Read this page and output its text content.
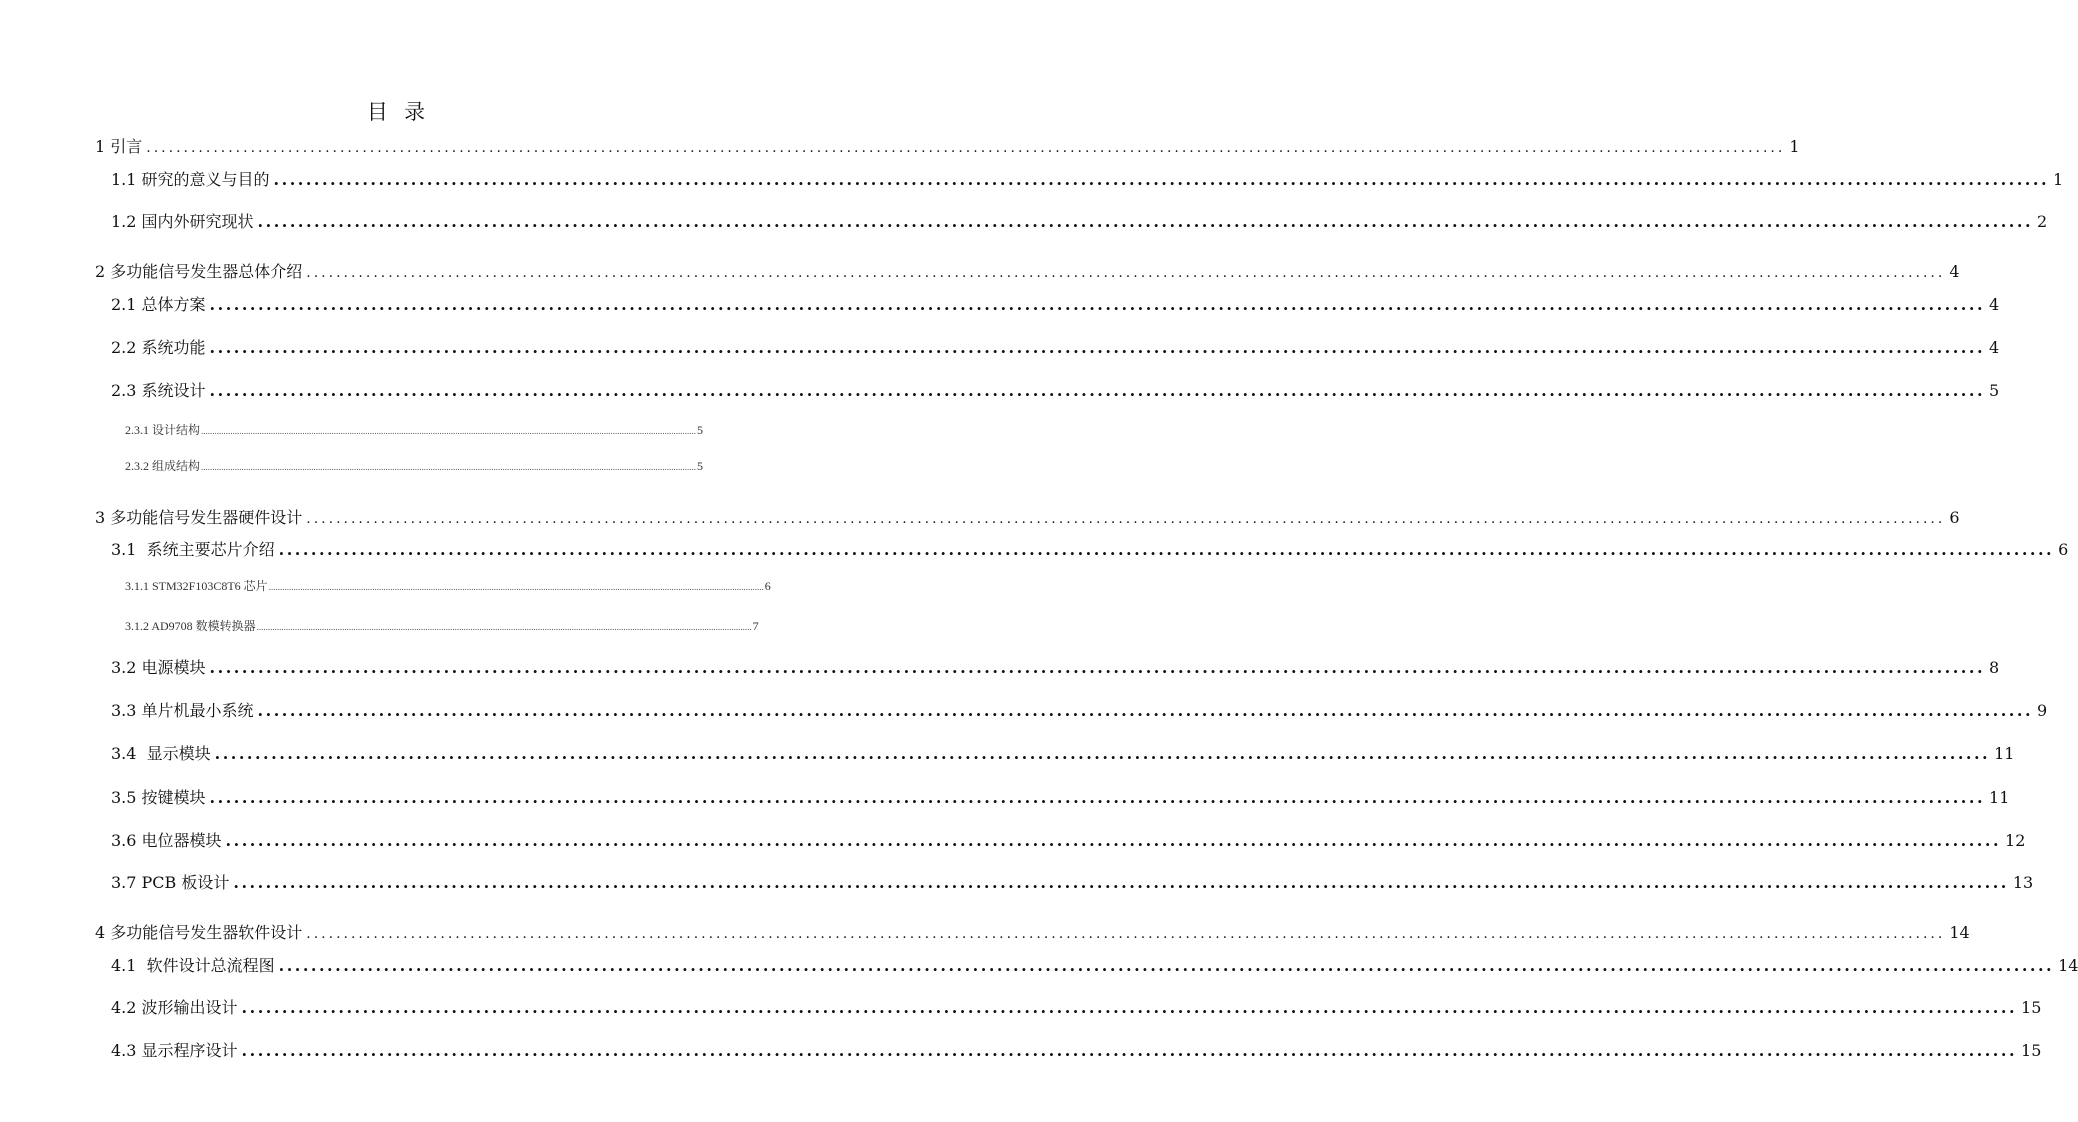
目  录
1 引言 ............................................................................................................................................................................................................................ 1
1.1 研究的意义与目的 ............................................................................................................................................................................................................................ 1
1.2 国内外研究现状 ............................................................................................................................................................................................................................ 2
2 多功能信号发生器总体介绍 ............................................................................................................................................................................................................................ 4
2.1 总体方案 ............................................................................................................................................................................................................................ 4
2.2 系统功能 ............................................................................................................................................................................................................................ 4
2.3 系统设计 ............................................................................................................................................................................................................................ 5
2.3.1 设计结构 ............................................................................................................................................................................................................................ 5
2.3.2 组成结构 ............................................................................................................................................................................................................................ 5
3 多功能信号发生器硬件设计 ............................................................................................................................................................................................................................ 6
3.1  系统主要芯片介绍 ............................................................................................................................................................................................................................ 6
3.1.1 STM32F103C8T6 芯片 ............................................................................................................................................................................................................................ 6
3.1.2 AD9708 数模转换器 ............................................................................................................................................................................................................................ 7
3.2 电源模块 ............................................................................................................................................................................................................................ 8
3.3 单片机最小系统 ............................................................................................................................................................................................................................ 9
3.4  显示模块 ............................................................................................................................................................................................................................ 11
3.5 按键模块 ............................................................................................................................................................................................................................ 11
3.6 电位器模块 ............................................................................................................................................................................................................................ 12
3.7 PCB 板设计 ............................................................................................................................................................................................................................ 13
4 多功能信号发生器软件设计 ............................................................................................................................................................................................................................ 14
4.1  软件设计总流程图 ............................................................................................................................................................................................................................ 14
4.2 波形输出设计 ............................................................................................................................................................................................................................ 15
4.3 显示程序设计 ............................................................................................................................................................................................................................ 15
